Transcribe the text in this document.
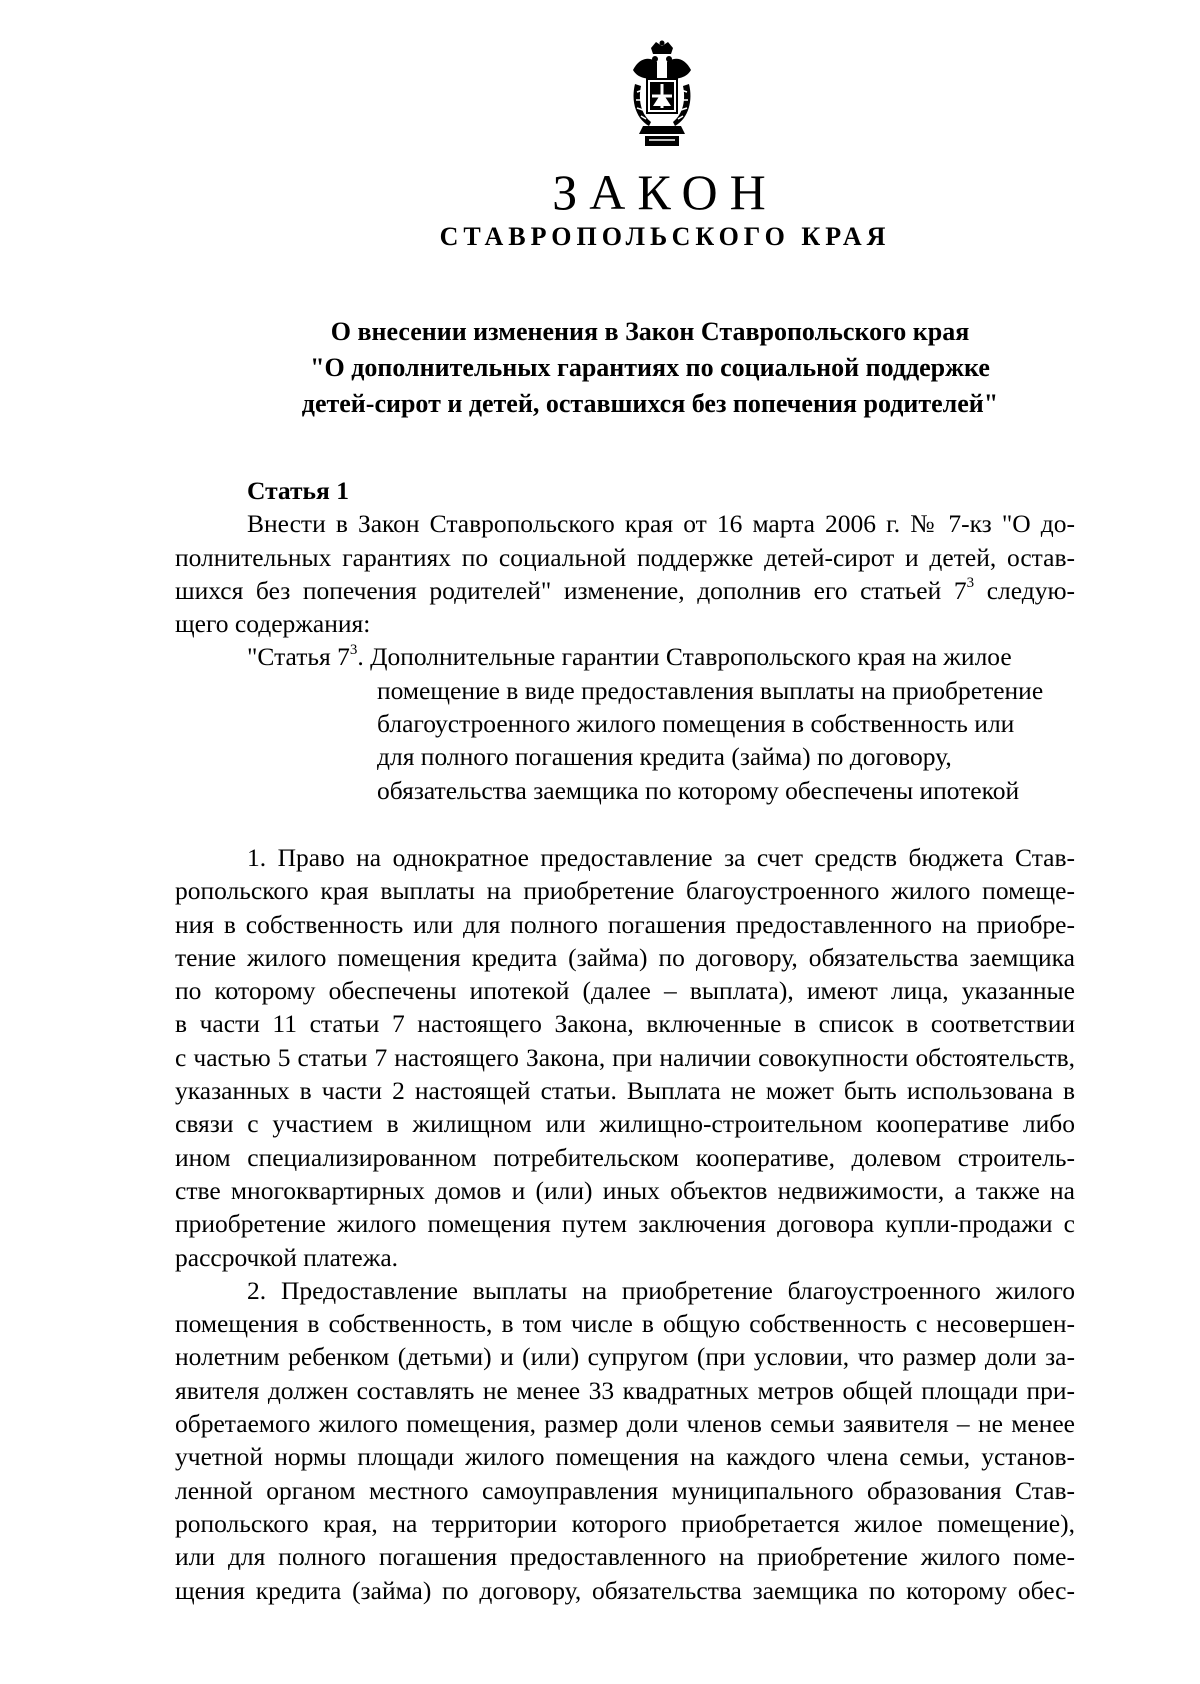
ЗАКОН
СТАВРОПОЛЬСКОГО КРАЯ
О внесении изменения в Закон Ставропольского края
"О дополнительных гарантиях по социальной поддержке
детей-сирот и детей, оставшихся без попечения родителей"

Статья 1

Внести в Закон Ставропольского края от 16 марта 2006 г. № 7-кз "О до-

полнительных гарантиях по социальной поддержке детей-сирот и детей, остав-

шихся без попечения родителей" изменение, дополнив его статьей $7^3$ следую-

щего содержания:

"Статья $7^3$. Дополнительные гарантии Ставропольского края на жилое
помещение в виде предоставления выплаты на приобретение
благоустроенного жилого помещения в собственность или
для полного погашения кредита (займа) по договору,
обязательства заемщика по которому обеспечены ипотекой

1. Право на однократное предоставление за счет средств бюджета Став-

ропольского края выплаты на приобретение благоустроенного жилого помеще-

ния в собственность или для полного погашения предоставленного на приобре-

тение жилого помещения кредита (займа) по договору, обязательства заемщика

по которому обеспечены ипотекой (далее – выплата), имеют лица, указанные

в части 11 статьи 7 настоящего Закона, включенные в список в соответствии

с частью 5 статьи 7 настоящего Закона, при наличии совокупности обстоятельств,

указанных в части 2 настоящей статьи. Выплата не может быть использована в

связи с участием в жилищном или жилищно-строительном кооперативе либо

ином специализированном потребительском кооперативе, долевом строитель-

стве многоквартирных домов и (или) иных объектов недвижимости, а также на

приобретение жилого помещения путем заключения договора купли-продажи с

рассрочкой платежа.

2. Предоставление выплаты на приобретение благоустроенного жилого

помещения в собственность, в том числе в общую собственность с несовершен-

нолетним ребенком (детьми) и (или) супругом (при условии, что размер доли за-

явителя должен составлять не менее 33 квадратных метров общей площади при-

обретаемого жилого помещения, размер доли членов семьи заявителя – не менее

учетной нормы площади жилого помещения на каждого члена семьи, установ-

ленной органом местного самоуправления муниципального образования Став-

ропольского края, на территории которого приобретается жилое помещение),

или для полного погашения предоставленного на приобретение жилого поме-

щения кредита (займа) по договору, обязательства заемщика по которому обес-
